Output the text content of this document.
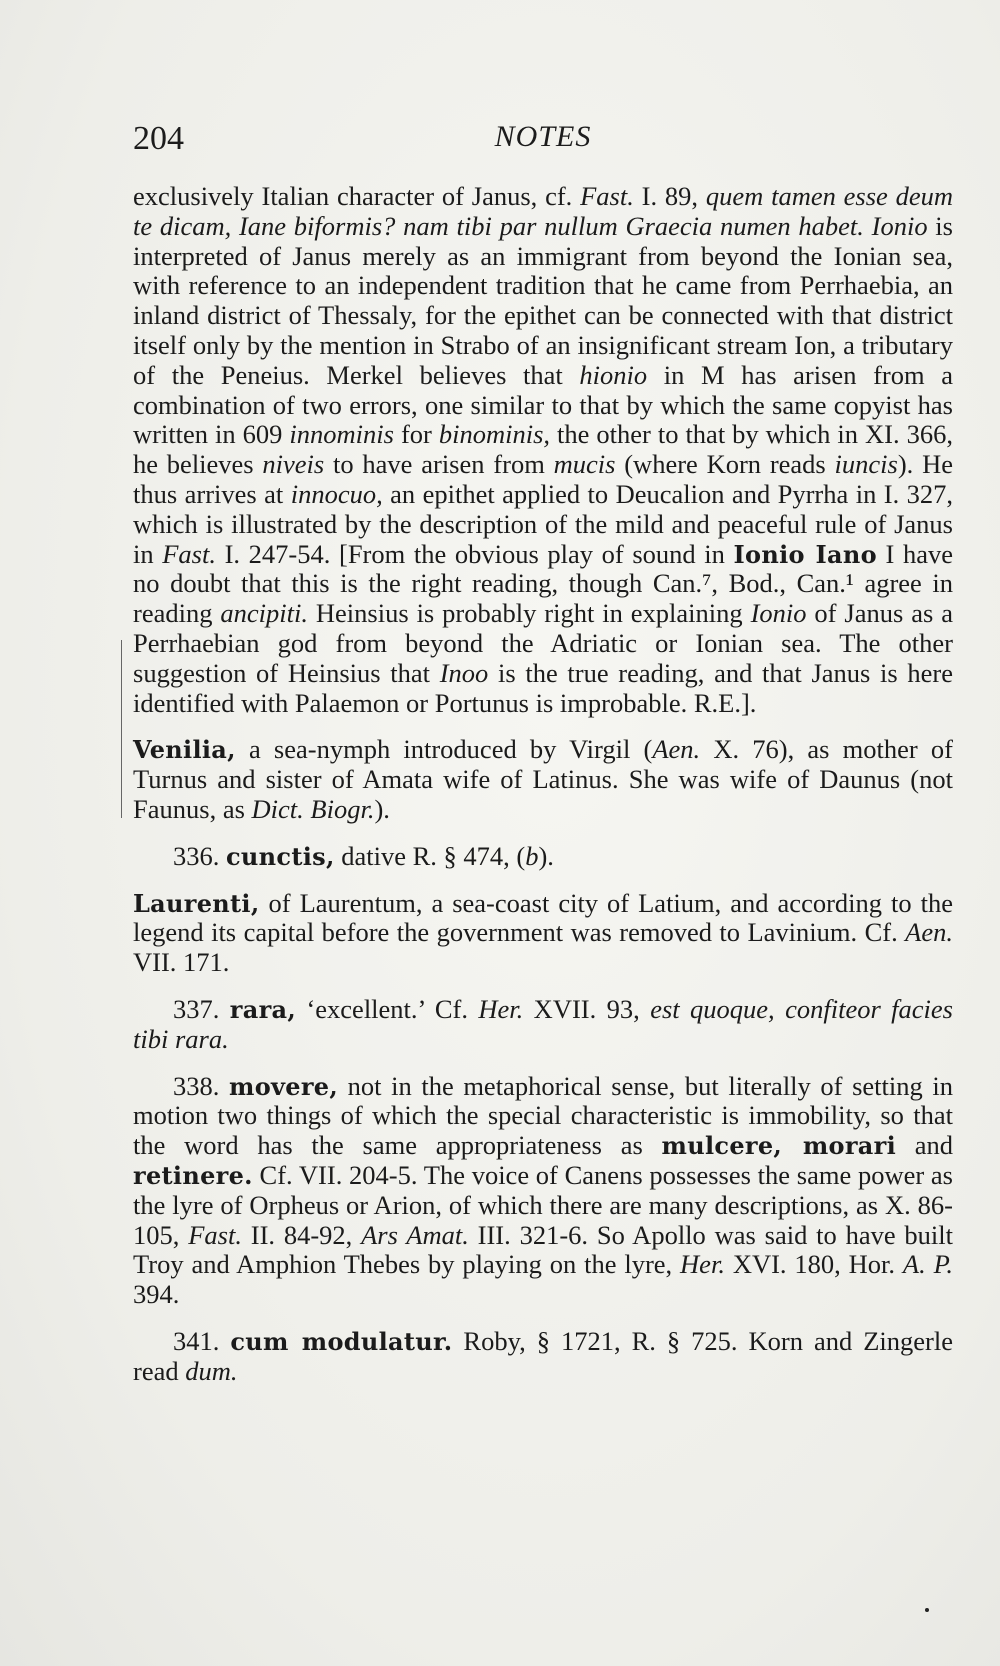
204	NOTES

exclusively Italian character of Janus, cf. Fast. I. 89, quem tamen esse deum te dicam, Iane biformis? nam tibi par nullum Graecia numen habet. Ionio is interpreted of Janus merely as an immigrant from beyond the Ionian sea, with reference to an independent tradition that he came from Perrhaebia, an inland district of Thessaly, for the epithet can be connected with that district itself only by the mention in Strabo of an insignificant stream Ion, a tributary of the Peneius. Merkel believes that hionio in M has arisen from a combination of two errors, one similar to that by which the same copyist has written in 609 innominis for binominis, the other to that by which in XI. 366, he believes niveis to have arisen from mucis (where Korn reads iuncis). He thus arrives at innocuo, an epithet applied to Deucalion and Pyrrha in I. 327, which is illustrated by the description of the mild and peaceful rule of Janus in Fast. I. 247-54. [From the obvious play of sound in Ionio Iano I have no doubt that this is the right reading, though Can.⁷, Bod., Can.¹ agree in reading ancipiti. Heinsius is probably right in explaining Ionio of Janus as a Perrhaebian god from beyond the Adriatic or Ionian sea. The other suggestion of Heinsius that Inoo is the true reading, and that Janus is here identified with Palaemon or Portunus is improbable. R.E.].

Venilia, a sea-nymph introduced by Virgil (Aen. X. 76), as mother of Turnus and sister of Amata wife of Latinus. She was wife of Daunus (not Faunus, as Dict. Biogr.).

336. cunctis, dative R. § 474, (b).

Laurenti, of Laurentum, a sea-coast city of Latium, and according to the legend its capital before the government was removed to Lavinium. Cf. Aen. VII. 171.

337. rara, ‘excellent.’ Cf. Her. XVII. 93, est quoque, confiteor facies tibi rara.

338. movere, not in the metaphorical sense, but literally of setting in motion two things of which the special characteristic is immobility, so that the word has the same appropriateness as mulcere, morari and retinere. Cf. VII. 204-5. The voice of Canens possesses the same power as the lyre of Orpheus or Arion, of which there are many descriptions, as X. 86-105, Fast. II. 84-92, Ars Amat. III. 321-6. So Apollo was said to have built Troy and Amphion Thebes by playing on the lyre, Her. XVI. 180, Hor. A. P. 394.

341. cum modulatur. Roby, § 1721, R. § 725. Korn and Zingerle read dum.
